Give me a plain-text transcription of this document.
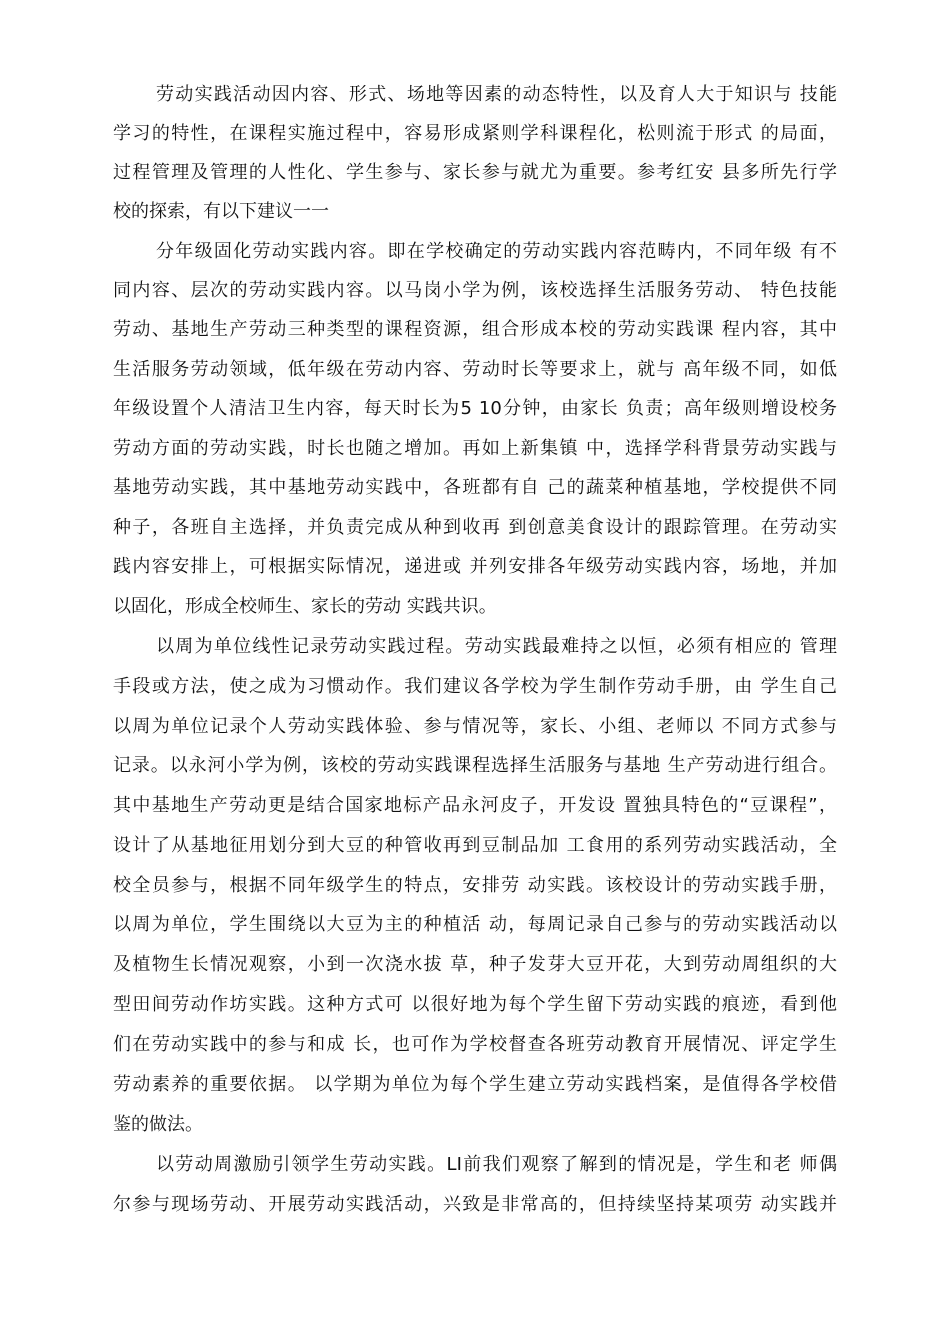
劳动实践活动因内容、形式、场地等因素的动态特性，以及育人大于知识与 技能
学习的特性，在课程实施过程中，容易形成紧则学科课程化，松则流于形式 的局面，
过程管理及管理的人性化、学生参与、家长参与就尤为重要。参考红安 县多所先行学
校的探索，有以下建议一一
分年级固化劳动实践内容。即在学校确定的劳动实践内容范畴内，不同年级 有不
同内容、层次的劳动实践内容。以马岗小学为例，该校选择生活服务劳动、 特色技能
劳动、基地生产劳动三种类型的课程资源，组合形成本校的劳动实践课 程内容，其中
生活服务劳动领域，低年级在劳动内容、劳动时长等要求上，就与 高年级不同，如低
年级设置个人清洁卫生内容，每天时长为5 10分钟，由家长 负责；高年级则增设校务
劳动方面的劳动实践，时长也随之增加。再如上新集镇 中，选择学科背景劳动实践与
基地劳动实践，其中基地劳动实践中，各班都有自 己的蔬菜种植基地，学校提供不同
种子，各班自主选择，并负责完成从种到收再 到创意美食设计的跟踪管理。在劳动实
践内容安排上，可根据实际情况，递进或 并列安排各年级劳动实践内容，场地，并加
以固化，形成全校师生、家长的劳动 实践共识。
以周为单位线性记录劳动实践过程。劳动实践最难持之以恒，必须有相应的 管理
手段或方法，使之成为习惯动作。我们建议各学校为学生制作劳动手册，由 学生自己
以周为单位记录个人劳动实践体验、参与情况等，家长、小组、老师以 不同方式参与
记录。以永河小学为例，该校的劳动实践课程选择生活服务与基地 生产劳动进行组合。
其中基地生产劳动更是结合国家地标产品永河皮子，开发设 置独具特色的“豆课程”，
设计了从基地征用划分到大豆的种管收再到豆制品加 工食用的系列劳动实践活动，全
校全员参与，根据不同年级学生的特点，安排劳 动实践。该校设计的劳动实践手册，
以周为单位，学生围绕以大豆为主的种植活 动，每周记录自己参与的劳动实践活动以
及植物生长情况观察，小到一次浇水拔 草，种子发芽大豆开花，大到劳动周组织的大
型田间劳动作坊实践。这种方式可 以很好地为每个学生留下劳动实践的痕迹，看到他
们在劳动实践中的参与和成 长，也可作为学校督查各班劳动教育开展情况、评定学生
劳动素养的重要依据。 以学期为单位为每个学生建立劳动实践档案，是值得各学校借
鉴的做法。
以劳动周激励引领学生劳动实践。LI前我们观察了解到的情况是，学生和老 师偶
尔参与现场劳动、开展劳动实践活动，兴致是非常高的，但持续坚持某项劳 动实践并
